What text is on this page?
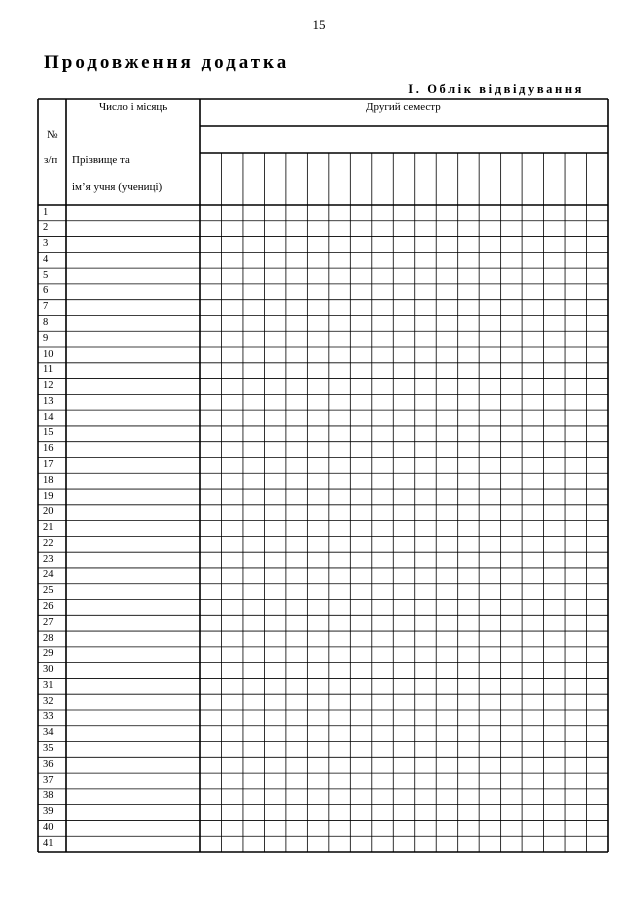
15
Продовження додатка
І. Облік відвідування
№
з/п
Число і місяць	Другий семестр
Прізвище та
ім’я учня (учениці)
1
2
3
4
5
6
7
8
9
10
11
12
13
14
15
16
17
18
19
20
21
22
23
24
25
26
27
28
29
30
31
32
33
34
35
36
37
38
39
40
41
